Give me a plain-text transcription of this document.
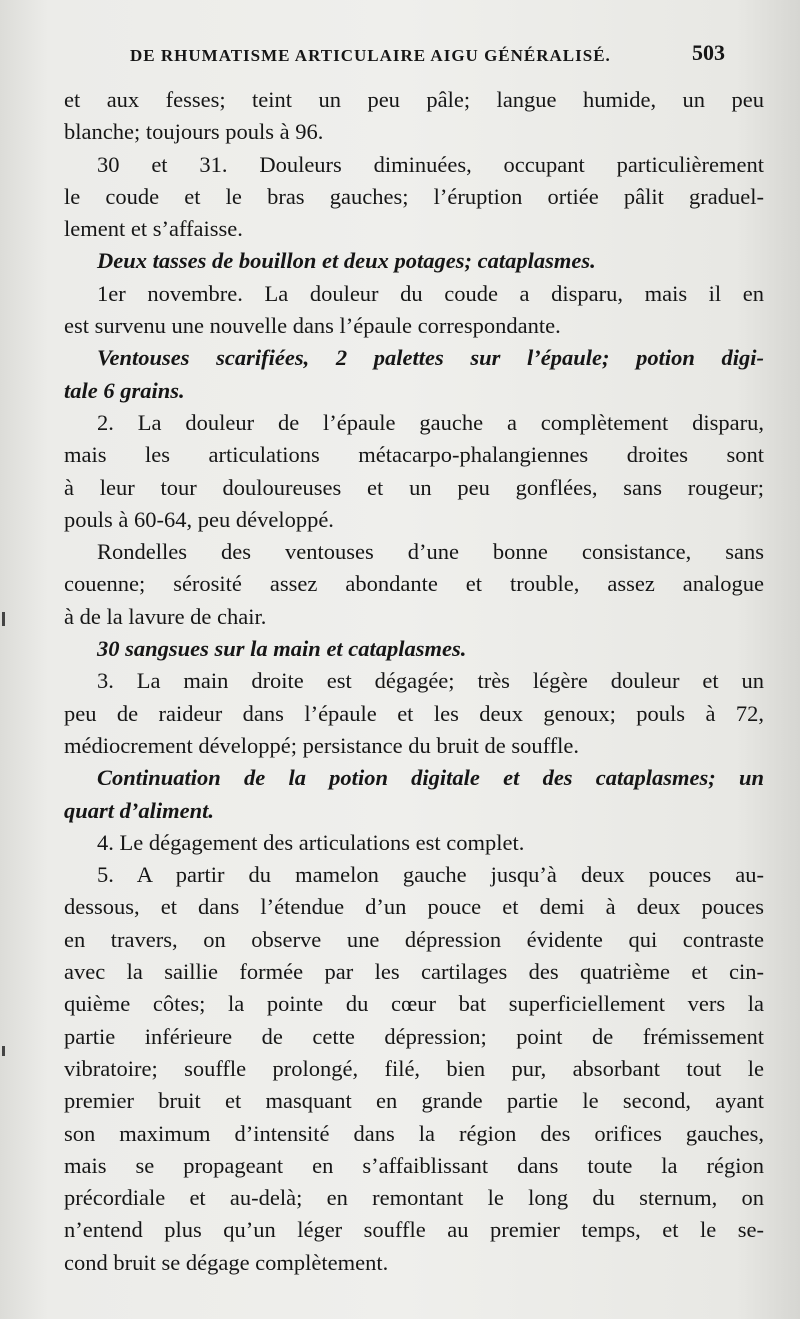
DE RHUMATISME ARTICULAIRE AIGU GÉNÉRALISÉ.	503
et aux fesses; teint un peu pâle; langue humide, un peu
blanche; toujours pouls à 96.
30 et 31. Douleurs diminuées, occupant particulièrement
le coude et le bras gauches; l’éruption ortiée pâlit graduel-
lement et s’affaisse.
Deux tasses de bouillon et deux potages; cataplasmes.
1er novembre. La douleur du coude a disparu, mais il en
est survenu une nouvelle dans l’épaule correspondante.
Ventouses scarifiées, 2 palettes sur l’épaule; potion digi-
tale 6 grains.
2. La douleur de l’épaule gauche a complètement disparu,
mais les articulations métacarpo-phalangiennes droites sont
à leur tour douloureuses et un peu gonflées, sans rougeur;
pouls à 60-64, peu développé.
Rondelles des ventouses d’une bonne consistance, sans
couenne; sérosité assez abondante et trouble, assez analogue
à de la lavure de chair.
30 sangsues sur la main et cataplasmes.
3. La main droite est dégagée; très légère douleur et un
peu de raideur dans l’épaule et les deux genoux; pouls à 72,
médiocrement développé; persistance du bruit de souffle.
Continuation de la potion digitale et des cataplasmes; un
quart d’aliment.
4. Le dégagement des articulations est complet.
5. A partir du mamelon gauche jusqu’à deux pouces au-
dessous, et dans l’étendue d’un pouce et demi à deux pouces
en travers, on observe une dépression évidente qui contraste
avec la saillie formée par les cartilages des quatrième et cin-
quième côtes; la pointe du cœur bat superficiellement vers la
partie inférieure de cette dépression; point de frémissement
vibratoire; souffle prolongé, filé, bien pur, absorbant tout le
premier bruit et masquant en grande partie le second, ayant
son maximum d’intensité dans la région des orifices gauches,
mais se propageant en s’affaiblissant dans toute la région
précordiale et au-delà; en remontant le long du sternum, on
n’entend plus qu’un léger souffle au premier temps, et le se-
cond bruit se dégage complètement.
